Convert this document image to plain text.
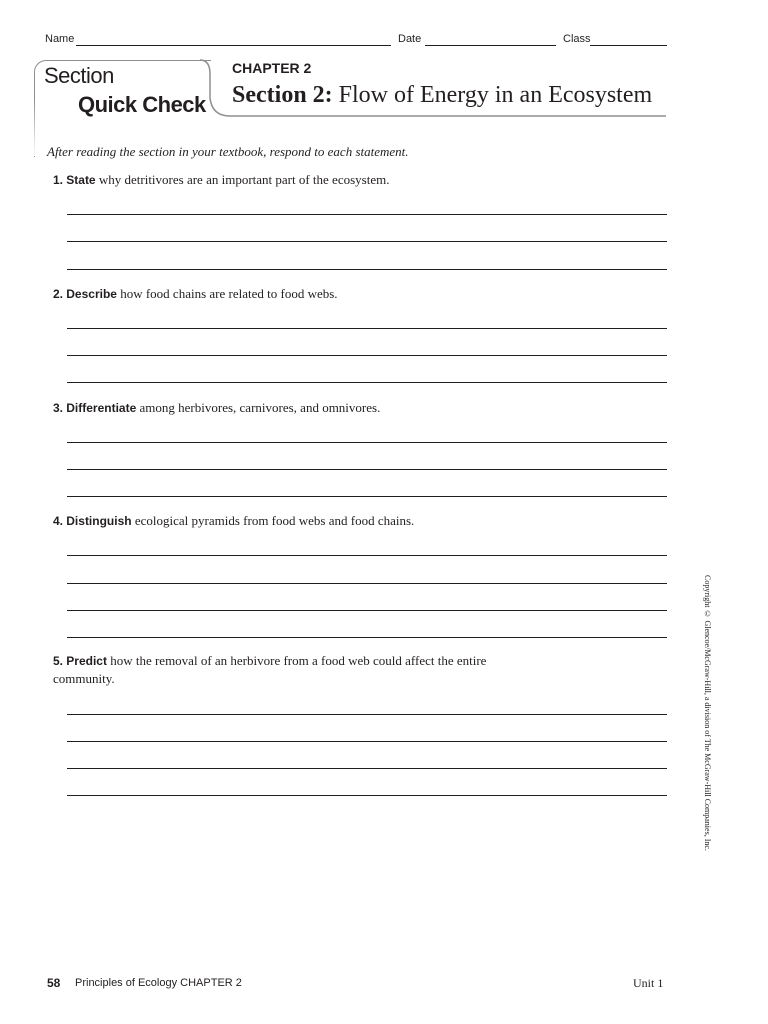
Name	Date	Class
Section
Quick Check
CHAPTER 2
Section 2: Flow of Energy in an Ecosystem
After reading the section in your textbook, respond to each statement.
1. State why detritivores are an important part of the ecosystem.
2. Describe how food chains are related to food webs.
3. Differentiate among herbivores, carnivores, and omnivores.
4. Distinguish ecological pyramids from food webs and food chains.
5. Predict how the removal of an herbivore from a food web could affect the entire community.	Copyright © Glencoe/McGraw-Hill, a division of The McGraw-Hill Companies, Inc.
58 Principles of Ecology CHAPTER 2	Unit 1
